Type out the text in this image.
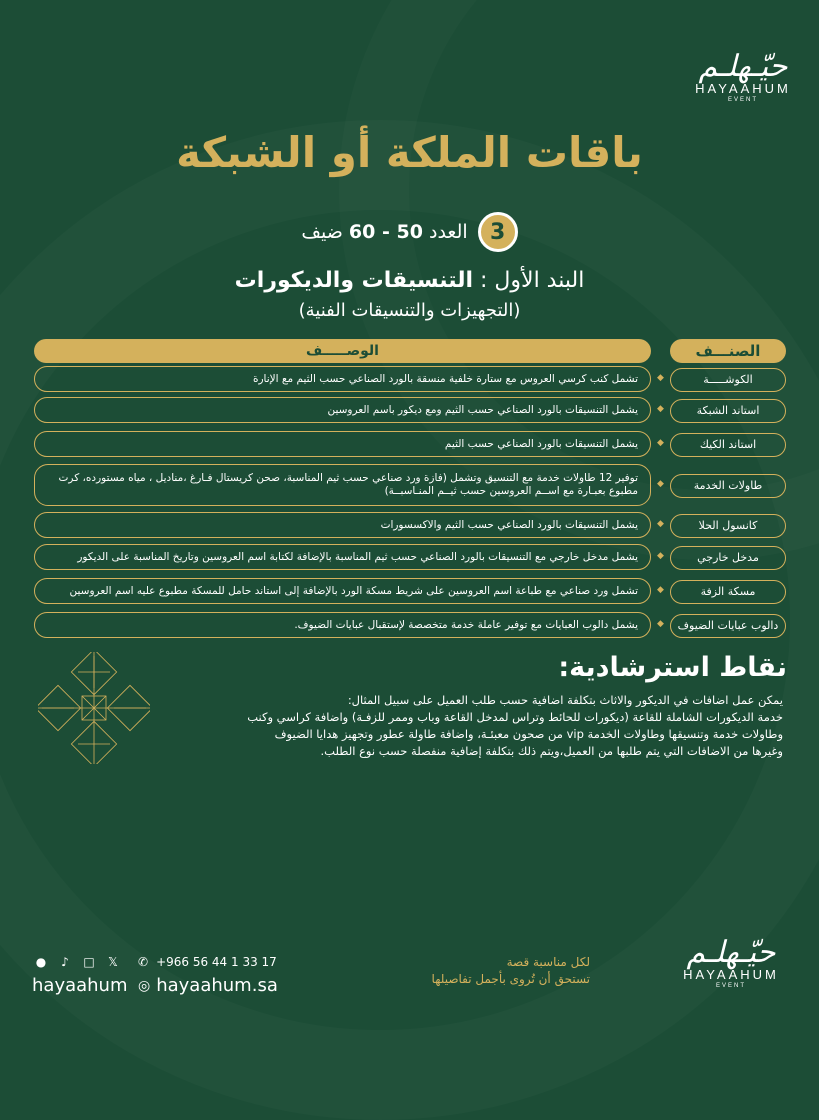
حيّـهلـم
HAYAAHUM
EVENT
باقات الملكة أو الشبكة
3
العدد 50 - 60 ضيف
البند الأول : التنسيقات والديكورات
(التجهيزات والتنسيقات الفنية)
الوصـــــف	الصنـــف
تشمل كنب كرسي العروس مع ستارة خلفية منسقة بالورد الصناعي حسب الثيم مع الإنارة	الكوشـــــة
◆
يشمل التنسيقات بالورد الصناعي حسب الثيم ومع ديكور باسم العروسين	استاند الشبكة
◆
يشمل التنسيقات بالورد الصناعي حسب الثيم	استاند الكيك
◆
توفير 12 طاولات خدمة مع التنسيق وتشمل (فازة ورد صناعي حسب ثيم المناسبة، صحن كريستال فـارغ ،مناديل ، مياه مستورده، كرت مطبوع بعبـارة مع اســم العروسين حسب ثيــم المنـاسبــة)	طاولات الخدمة
◆
يشمل التنسيقات بالورد الصناعي حسب الثيم والاكسسورات	كانسول الحلا
◆
يشمل مدخل خارجي مع التنسيقات بالورد الصناعي حسب ثيم المناسبة بالإضافة لكتابة اسم العروسين وتاريخ المناسبة على الديكور	مدخل خارجي
◆
تشمل ورد صناعي مع طباعة اسم العروسين على شريط مسكة الورد بالإضافة إلى استاند حامل للمسكة مطبوع عليه اسم العروسين	مسكة الزفة
◆
يشمل دالوب العبايات مع توفير عاملة خدمة متخصصة لإستقبال عبايات الضيوف.	دالوب عبايات الضيوف
◆
نقاط استرشادية:
يمكن عمل اضافات في الديكور والاثاث بتكلفة اضافية حسب طلب العميل على سبيل المثال:
خدمة الديكورات الشاملة للقاعة (ديكورات للحائط وتراس لمدخل القاعة وباب وممر للزفـة) واضافة كراسي وكنب
وطاولات خدمة وتنسيقها وطاولات الخدمة vip من صحون معبئـة، واضافة طاولة عطور وتجهيز هدايا الضيوف
وغيرها من الاضافات التي يتم طلبها من العميل،ويتم ذلك بتكلفة إضافية منفصلة حسب نوع الطلب.
● ♪ □ 𝕏
hayaahum
✆ +966 56 44 1 33 17
◎ hayaahum.sa
لكل مناسبة قصة
تستحق أن تُروى بأجمل تفاصيلها
حيّـهلـم
HAYAAHUM
EVENT
